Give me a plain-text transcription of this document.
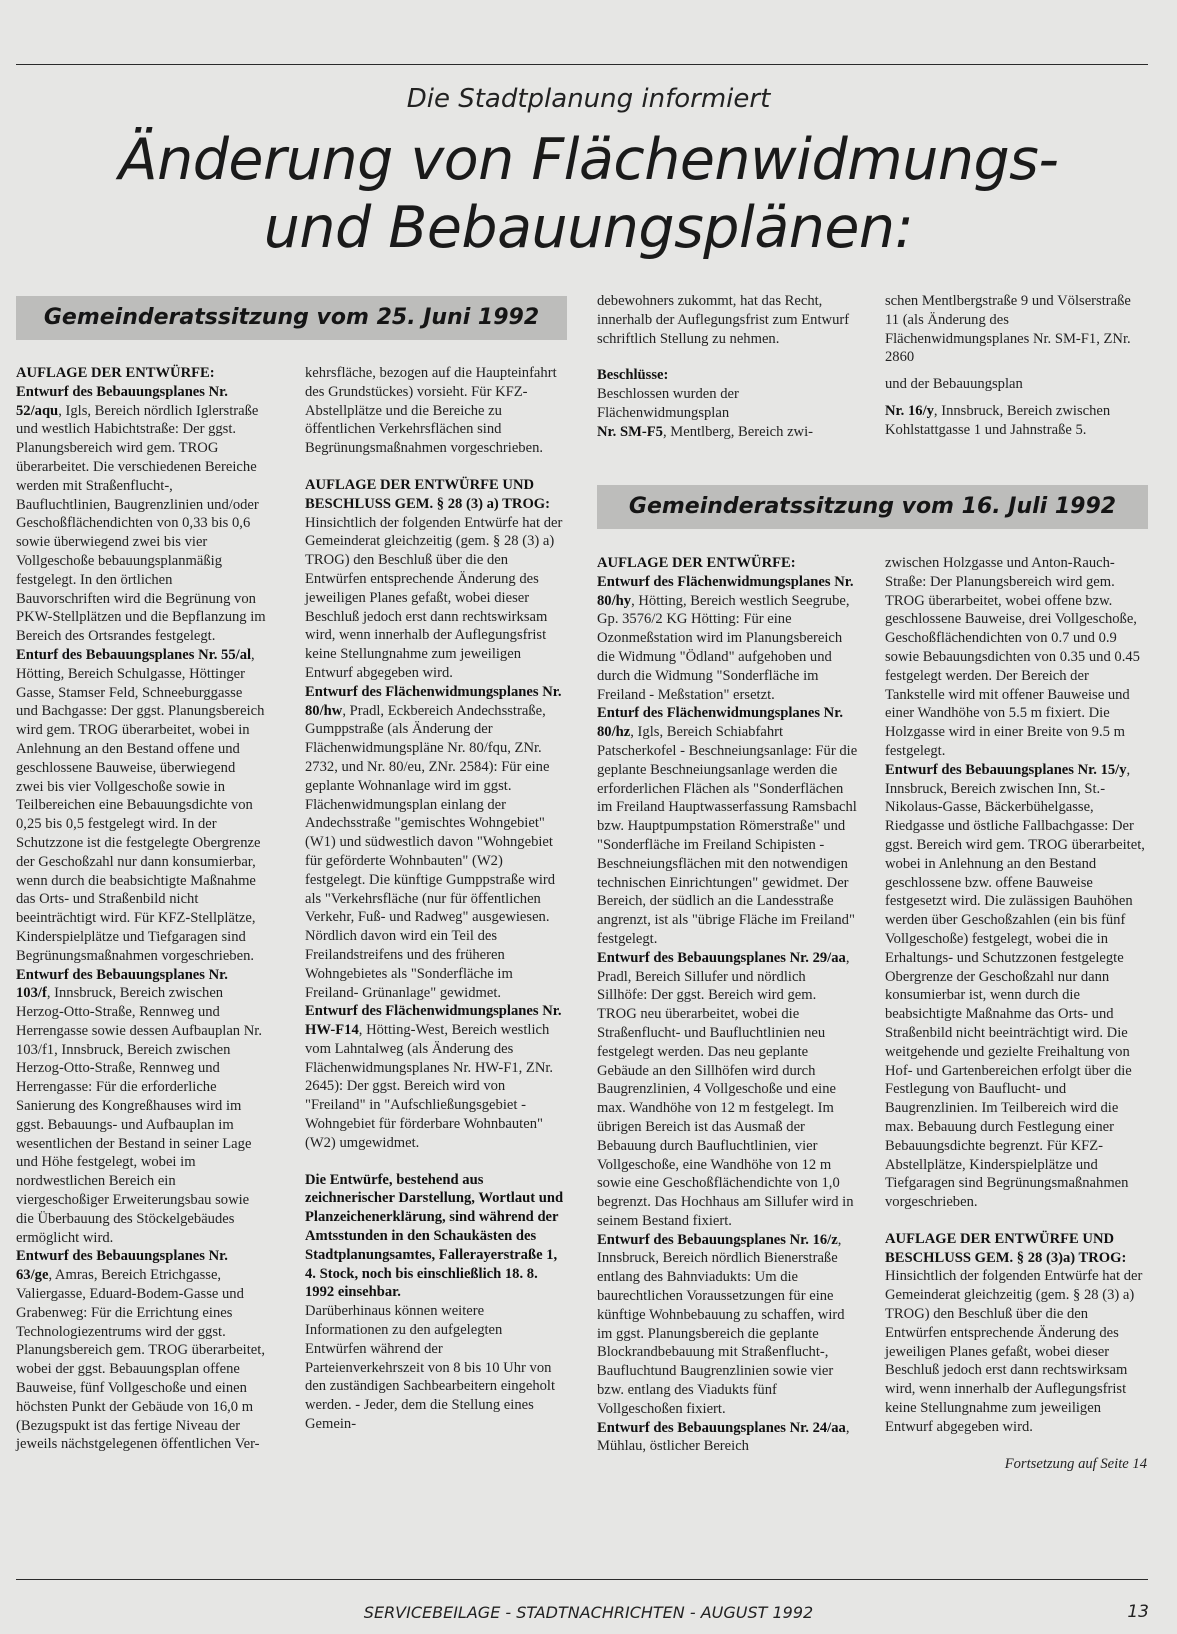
Die Stadtplanung informiert
Änderung von Flächenwidmungs-
und Bebauungsplänen:
Gemeinderatssitzung vom 25. Juni 1992
Gemeinderatssitzung vom 16. Juli 1992

AUFLAGE DER ENTWÜRFE:

Entwurf des Bebauungsplanes Nr. 52/aqu, Igls, Bereich nördlich Iglerstraße und westlich Habichtstraße: Der ggst. Planungsbereich wird gem. TROG überarbeitet. Die verschiedenen Bereiche werden mit Straßenflucht-, Baufluchtlinien, Baugrenzlinien und/oder Geschoßflächendichten von 0,33 bis 0,6 sowie überwiegend zwei bis vier Vollgeschoße bebauungsplanmäßig festgelegt. In den örtlichen Bauvorschriften wird die Begrünung von PKW-Stellplätzen und die Bepflanzung im Bereich des Ortsrandes festgelegt.

Enturf des Bebauungsplanes Nr. 55/al, Hötting, Bereich Schulgasse, Höttinger Gasse, Stamser Feld, Schneeburggasse und Bachgasse: Der ggst. Planungsbereich wird gem. TROG überarbeitet, wobei in Anlehnung an den Bestand offene und geschlossene Bauweise, überwiegend zwei bis vier Vollgeschoße sowie in Teilbereichen eine Bebauungsdichte von 0,25 bis 0,5 festgelegt wird. In der Schutzzone ist die festgelegte Obergrenze der Geschoßzahl nur dann konsumierbar, wenn durch die beabsichtigte Maßnahme das Orts- und Straßenbild nicht beeinträchtigt wird. Für KFZ-Stellplätze, Kinderspielplätze und Tiefgaragen sind Begrünungsmaßnahmen vorgeschrieben.

Entwurf des Bebauungsplanes Nr. 103/f, Innsbruck, Bereich zwischen Herzog-Otto-Straße, Rennweg und Herrengasse sowie dessen Aufbauplan Nr. 103/f1, Innsbruck, Bereich zwischen Herzog-Otto-Straße, Rennweg und Herrengasse: Für die erforderliche Sanierung des Kongreßhauses wird im ggst. Bebauungs- und Aufbauplan im wesentlichen der Bestand in seiner Lage und Höhe festgelegt, wobei im nordwestlichen Bereich ein viergeschoßiger Erweiterungsbau sowie die Überbauung des Stöckelgebäudes ermöglicht wird.

Entwurf des Bebauungsplanes Nr. 63/ge, Amras, Bereich Etrichgasse, Valiergasse, Eduard-Bodem-Gasse und Grabenweg: Für die Errichtung eines Technologiezentrums wird der ggst. Planungsbereich gem. TROG überarbeitet, wobei der ggst. Bebauungsplan offene Bauweise, fünf Vollgeschoße und einen höchsten Punkt der Gebäude von 16,0 m (Bezugspukt ist das fertige Niveau der jeweils nächstgelegenen öffentlichen Ver-

kehrsfläche, bezogen auf die Haupteinfahrt des Grundstückes) vorsieht. Für KFZ-Abstellplätze und die Bereiche zu öffentlichen Verkehrsflächen sind Begrünungsmaßnahmen vorgeschrieben.

AUFLAGE DER ENTWÜRFE UND BESCHLUSS GEM. § 28 (3) a) TROG:

Hinsichtlich der folgenden Entwürfe hat der Gemeinderat gleichzeitig (gem. § 28 (3) a) TROG) den Beschluß über die den Entwürfen entsprechende Änderung des jeweiligen Planes gefaßt, wobei dieser Beschluß jedoch erst dann rechtswirksam wird, wenn innerhalb der Auflegungsfrist keine Stellungnahme zum jeweiligen Entwurf abgegeben wird.

Entwurf des Flächenwidmungsplanes Nr. 80/hw, Pradl, Eckbereich Andechsstraße, Gumppstraße (als Änderung der Flächenwidmungspläne Nr. 80/fqu, ZNr. 2732, und Nr. 80/eu, ZNr. 2584): Für eine geplante Wohnanlage wird im ggst. Flächenwidmungsplan einlang der Andechsstraße "gemischtes Wohngebiet" (W1) und südwestlich davon "Wohngebiet für geförderte Wohnbauten" (W2) festgelegt. Die künftige Gumppstraße wird als "Verkehrsfläche (nur für öffentlichen Verkehr, Fuß- und Radweg" ausgewiesen. Nördlich davon wird ein Teil des Freilandstreifens und des früheren Wohngebietes als "Sonderfläche im Freiland- Grünanlage" gewidmet.

Entwurf des Flächenwidmungsplanes Nr. HW-F14, Hötting-West, Bereich westlich vom Lahntalweg (als Änderung des Flächenwidmungsplanes Nr. HW-F1, ZNr. 2645): Der ggst. Bereich wird von "Freiland" in "Aufschließungsgebiet - Wohngebiet für förderbare Wohnbauten" (W2) umgewidmet.

Die Entwürfe, bestehend aus zeichnerischer Darstellung, Wortlaut und Planzeichenerklärung, sind während der Amtsstunden in den Schaukästen des Stadtplanungsamtes, Fallerayerstraße 1, 4. Stock, noch bis einschließlich 18. 8. 1992 einsehbar.

Darüberhinaus können weitere Informationen zu den aufgelegten Entwürfen während der Parteienverkehrszeit von 8 bis 10 Uhr von den zuständigen Sachbearbeitern eingeholt werden. - Jeder, dem die Stellung eines Gemein-

debewohners zukommt, hat das Recht, innerhalb der Auflegungsfrist zum Entwurf schriftlich Stellung zu nehmen.

Beschlüsse:

Beschlossen wurden der Flächenwidmungsplan

Nr. SM-F5, Mentlberg, Bereich zwi-

schen Mentlbergstraße 9 und Völserstraße 11 (als Änderung des Flächenwidmungsplanes Nr. SM-F1, ZNr. 2860

und der Bebauungsplan

Nr. 16/y, Innsbruck, Bereich zwischen Kohlstattgasse 1 und Jahnstraße 5.

AUFLAGE DER ENTWÜRFE:

Entwurf des Flächenwidmungsplanes Nr. 80/hy, Hötting, Bereich westlich Seegrube, Gp. 3576/2 KG Hötting: Für eine Ozonmeßstation wird im Planungsbereich die Widmung "Ödland" aufgehoben und durch die Widmung "Sonderfläche im Freiland - Meßstation" ersetzt.

Enturf des Flächenwidmungsplanes Nr. 80/hz, Igls, Bereich Schiabfahrt Patscherkofel - Beschneiungsanlage: Für die geplante Beschneiungsanlage werden die erforderlichen Flächen als "Sonderflächen im Freiland Hauptwasserfassung Ramsbachl bzw. Hauptpumpstation Römerstraße" und "Sonderfläche im Freiland Schipisten - Beschneiungsflächen mit den notwendigen technischen Einrichtungen" gewidmet. Der Bereich, der südlich an die Landesstraße angrenzt, ist als "übrige Fläche im Freiland" festgelegt.

Entwurf des Bebauungsplanes Nr. 29/aa, Pradl, Bereich Sillufer und nördlich Sillhöfe: Der ggst. Bereich wird gem. TROG neu überarbeitet, wobei die Straßenflucht- und Baufluchtlinien neu festgelegt werden. Das neu geplante Gebäude an den Sillhöfen wird durch Baugrenzlinien, 4 Vollgeschoße und eine max. Wandhöhe von 12 m festgelegt. Im übrigen Bereich ist das Ausmaß der Bebauung durch Baufluchtlinien, vier Vollgeschoße, eine Wandhöhe von 12 m sowie eine Geschoßflächendichte von 1,0 begrenzt. Das Hochhaus am Sillufer wird in seinem Bestand fixiert.

Entwurf des Bebauungsplanes Nr. 16/z, Innsbruck, Bereich nördlich Bienerstraße entlang des Bahnviadukts: Um die baurechtlichen Voraussetzungen für eine künftige Wohnbebauung zu schaffen, wird im ggst. Planungsbereich die geplante Blockrandbebauung mit Straßenflucht-, Baufluchtund Baugrenzlinien sowie vier bzw. entlang des Viadukts fünf Vollgeschoßen fixiert.

Entwurf des Bebauungsplanes Nr. 24/aa, Mühlau, östlicher Bereich

zwischen Holzgasse und Anton-Rauch-Straße: Der Planungsbereich wird gem. TROG überarbeitet, wobei offene bzw. geschlossene Bauweise, drei Vollgeschoße, Geschoßflächendichten von 0.7 und 0.9 sowie Bebauungsdichten von 0.35 und 0.45 festgelegt werden. Der Bereich der Tankstelle wird mit offener Bauweise und einer Wandhöhe von 5.5 m fixiert. Die Holzgasse wird in einer Breite von 9.5 m festgelegt.

Entwurf des Bebauungsplanes Nr. 15/y, Innsbruck, Bereich zwischen Inn, St.-Nikolaus-Gasse, Bäckerbühelgasse, Riedgasse und östliche Fallbachgasse: Der ggst. Bereich wird gem. TROG überarbeitet, wobei in Anlehnung an den Bestand geschlossene bzw. offene Bauweise festgesetzt wird. Die zulässigen Bauhöhen werden über Geschoßzahlen (ein bis fünf Vollgeschoße) festgelegt, wobei die in Erhaltungs- und Schutzzonen festgelegte Obergrenze der Geschoßzahl nur dann konsumierbar ist, wenn durch die beabsichtigte Maßnahme das Orts- und Straßenbild nicht beeinträchtigt wird. Die weitgehende und gezielte Freihaltung von Hof- und Gartenbereichen erfolgt über die Festlegung von Bauflucht- und Baugrenzlinien. Im Teilbereich wird die max. Bebauung durch Festlegung einer Bebauungsdichte begrenzt. Für KFZ-Abstellplätze, Kinderspielplätze und Tiefgaragen sind Begrünungsmaßnahmen vorgeschrieben.

AUFLAGE DER ENTWÜRFE UND BESCHLUSS GEM. § 28 (3)a) TROG:

Hinsichtlich der folgenden Entwürfe hat der Gemeinderat gleichzeitig (gem. § 28 (3) a) TROG) den Beschluß über die den Entwürfen entsprechende Änderung des jeweiligen Planes gefaßt, wobei dieser Beschluß jedoch erst dann rechtswirksam wird, wenn innerhalb der Auflegungsfrist keine Stellungnahme zum jeweiligen Entwurf abgegeben wird.

Fortsetzung auf Seite 14

SERVICEBEILAGE - STADTNACHRICHTEN - AUGUST 1992	13
